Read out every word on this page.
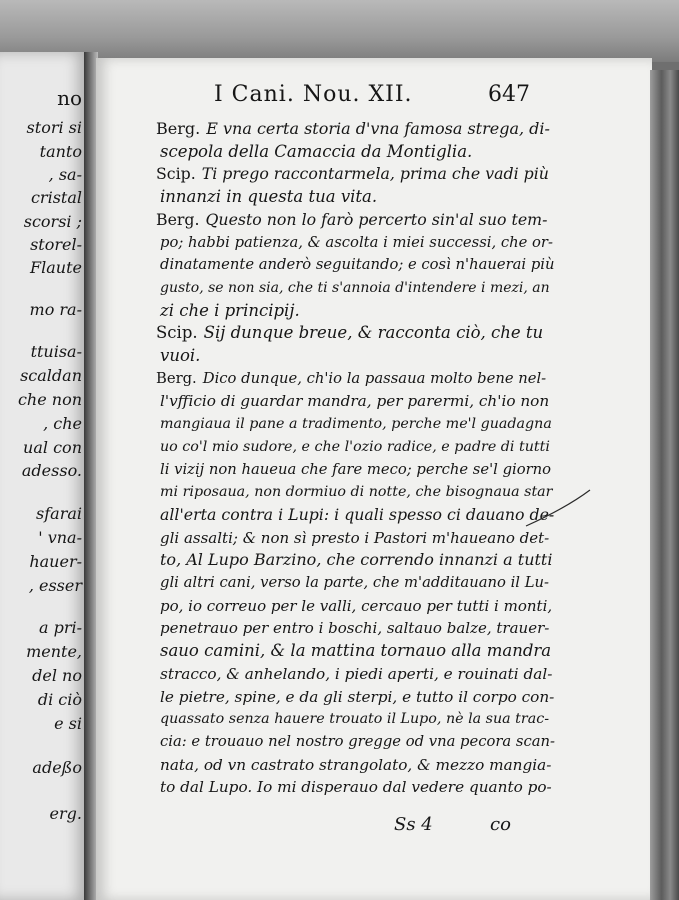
no
stori si
tanto
, sa-
cristal
scorsi ;
storel-
Flaute
mo ra-
ttuisa-
scaldan
che non
, che
ual con
adesso.
sfarai
' vna-
hauer-
, esser
a pri-
mente,
del no
di ciò
e si
adeßo
erg.
I Cani. Nou. XII.	647
Berg. E vna certa storia d'vna famosa strega, di-
scepola della Camaccia da Montiglia.
Scip. Ti prego raccontarmela, prima che vadi più
innanzi in questa tua vita.
Berg. Questo non lo farò percerto sin'al suo tem-
po; habbi patienza, & ascolta i miei successi, che or-
dinatamente anderò seguitando; e così n'hauerai più
gusto, se non sia, che ti s'annoia d'intendere i mezi, an
zi che i principij.
Scip. Sij dunque breue, & racconta ciò, che tu
vuoi.
Berg. Dico dunque, ch'io la passaua molto bene nel-
l'vfficio di guardar mandra, per parermi, ch'io non
mangiaua il pane a tradimento, perche me'l guadagna
uo co'l mio sudore, e che l'ozio radice, e padre di tutti
li vizij non haueua che fare meco; perche se'l giorno
mi riposaua, non dormiuo di notte, che bisognaua star
all'erta contra i Lupi: i quali spesso ci dauano de-
gli assalti; & non sì presto i Pastori m'haueano det-
to, Al Lupo Barzino, che correndo innanzi a tutti
gli altri cani, verso la parte, che m'additauano il Lu-
po, io correuo per le valli, cercauo per tutti i monti,
penetrauo per entro i boschi, saltauo balze, trauer-
sauo camini, & la mattina tornauo alla mandra
stracco, & anhelando, i piedi aperti, e rouinati dal-
le pietre, spine, e da gli sterpi, e tutto il corpo con-
quassato senza hauere trouato il Lupo, nè la sua trac-
cia: e trouauo nel nostro gregge od vna pecora scan-
nata, od vn castrato strangolato, & mezzo mangia-
to dal Lupo. Io mi disperauo dal vedere quanto po-
Ss 4	co
